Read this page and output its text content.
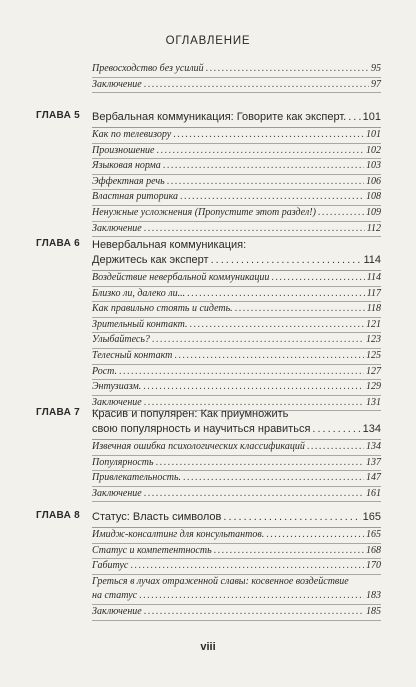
ОГЛАВЛЕНИЕ
Превосходство без усилий .....	95
Заключение .....	97
ГЛАВА 5 Вербальная коммуникация: Говорите как эксперт. ..... 101
Как по телевизору .....	101
Произношение .....	102
Языковая норма .....	103
Эффектная речь .....	106
Властная риторика .....	108
Ненужные усложнения (Пропустите этот раздел!) .....	109
Заключение .....	112
ГЛАВА 6 Невербальная коммуникация:
Держитесь как эксперт .....	114
Воздействие невербальной коммуникации .....	114
Близко ли, далеко ли... .....	117
Как правильно стоять и сидеть. .....	118
Зрительный контакт. .....	121
Улыбайтесь? .....	123
Телесный контакт .....	125
Рост. .....	127
Энтузиазм. .....	129
Заключение .....	131
ГЛАВА 7 Красив и популярен: Как приумножить
свою популярность и научиться нравиться .....	134
Извечная ошибка психологических классификаций .....	134
Популярность .....	137
Привлекательность. .....	147
Заключение .....	161
ГЛАВА 8 Статус: Власть символов .....	165
Имидж-консалтинг для консультантов. .....	165
Статус и компетентность .....	168
Габитус .....	170
Греться в лучах отраженной славы: косвенное воздействие
на статус .....	183
Заключение .....	185
viii
